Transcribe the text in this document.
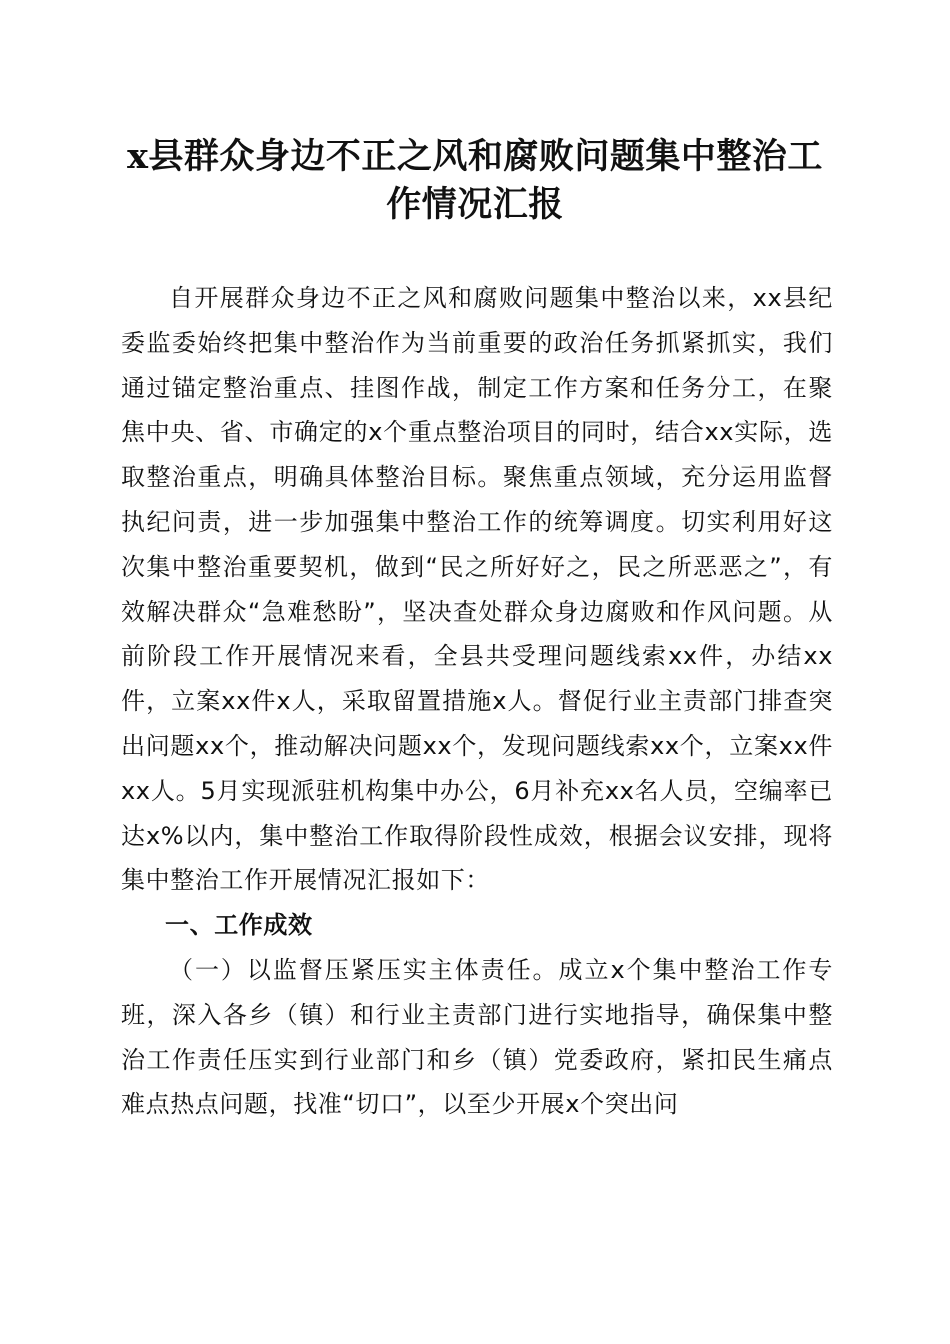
x县群众身边不正之风和腐败问题集中整治工
作情况汇报

自开展群众身边不正之风和腐败问题集中整治以来，xx县纪委监委始终把集中整治作为当前重要的政治任务抓紧抓实，我们通过锚定整治重点、挂图作战，制定工作方案和任务分工，在聚焦中央、省、市确定的x个重点整治项目的同时，结合xx实际，选取整治重点，明确具体整治目标。聚焦重点领域，充分运用监督执纪问责，进一步加强集中整治工作的统筹调度。切实利用好这次集中整治重要契机，做到“民之所好好之，民之所恶恶之”，有效解决群众“急难愁盼”，坚决查处群众身边腐败和作风问题。从前阶段工作开展情况来看，全县共受理问题线索xx件，办结xx件，立案xx件x人，采取留置措施x人。督促行业主责部门排查突出问题xx个，推动解决问题xx个，发现问题线索xx个，立案xx件xx人。5月实现派驻机构集中办公，6月补充xx名人员，空编率已达x%以内，集中整治工作取得阶段性成效，根据会议安排，现将集中整治工作开展情况汇报如下：

一、工作成效

（一）以监督压紧压实主体责任。成立x个集中整治工作专班，深入各乡（镇）和行业主责部门进行实地指导，确保集中整治工作责任压实到行业部门和乡（镇）党委政府，紧扣民生痛点难点热点问题，找准“切口”，以至少开展x个突出问
